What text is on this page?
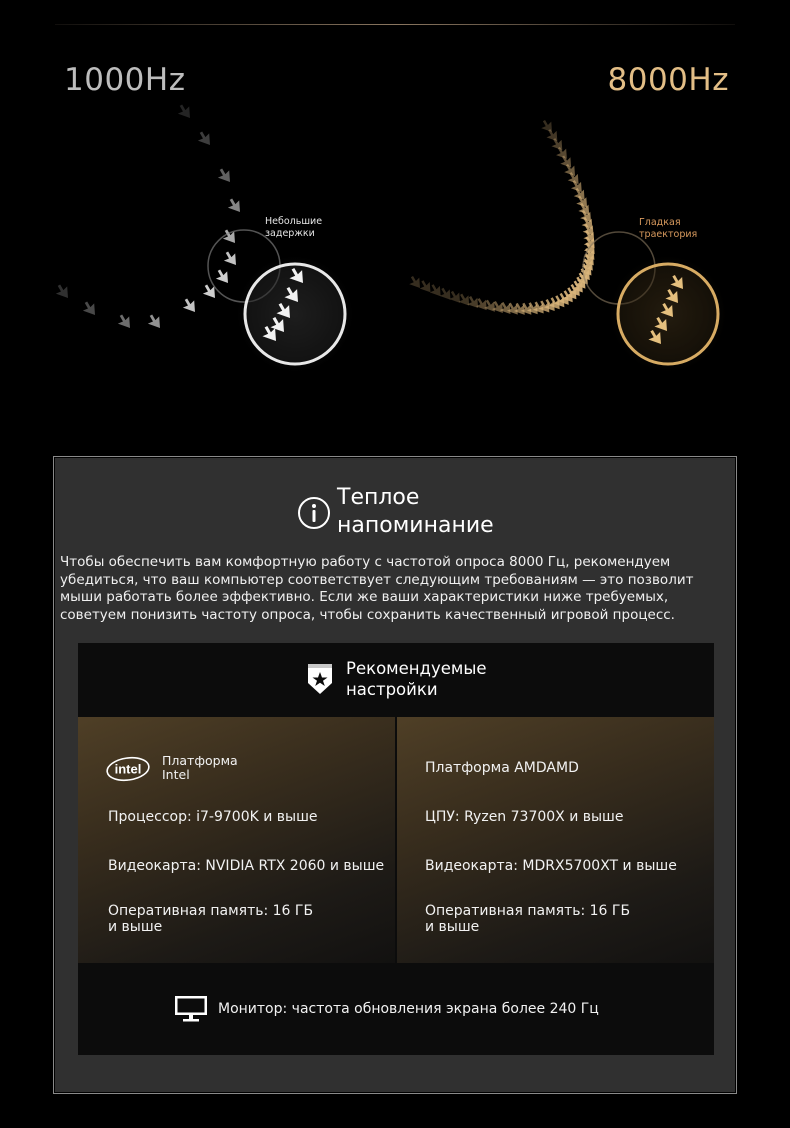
1000Hz	8000Hz
Небольшие
задержки
Гладкая
траектория
Теплое
напоминание
Чтобы обеспечить вам комфортную работу с частотой опроса 8000 Гц, рекомендуем убедиться, что ваш компьютер соответствует следующим требованиям — это позволит мыши работать более эффективно. Если же ваши характеристики ниже требуемых, советуем понизить частоту опроса, чтобы сохранить качественный игровой процесс.
Рекомендуемые
настройки
intel
Платформа
Intel
Процессор: i7-9700K и выше
Видеокарта: NVIDIA RTX 2060 и выше
Оперативная память: 16 ГБ
и выше
Платформа AMDAMD
ЦПУ: Ryzen 73700X и выше
Видеокарта: MDRX5700XT и выше
Оперативная память: 16 ГБ
и выше
Монитор: частота обновления экрана более 240 Гц
